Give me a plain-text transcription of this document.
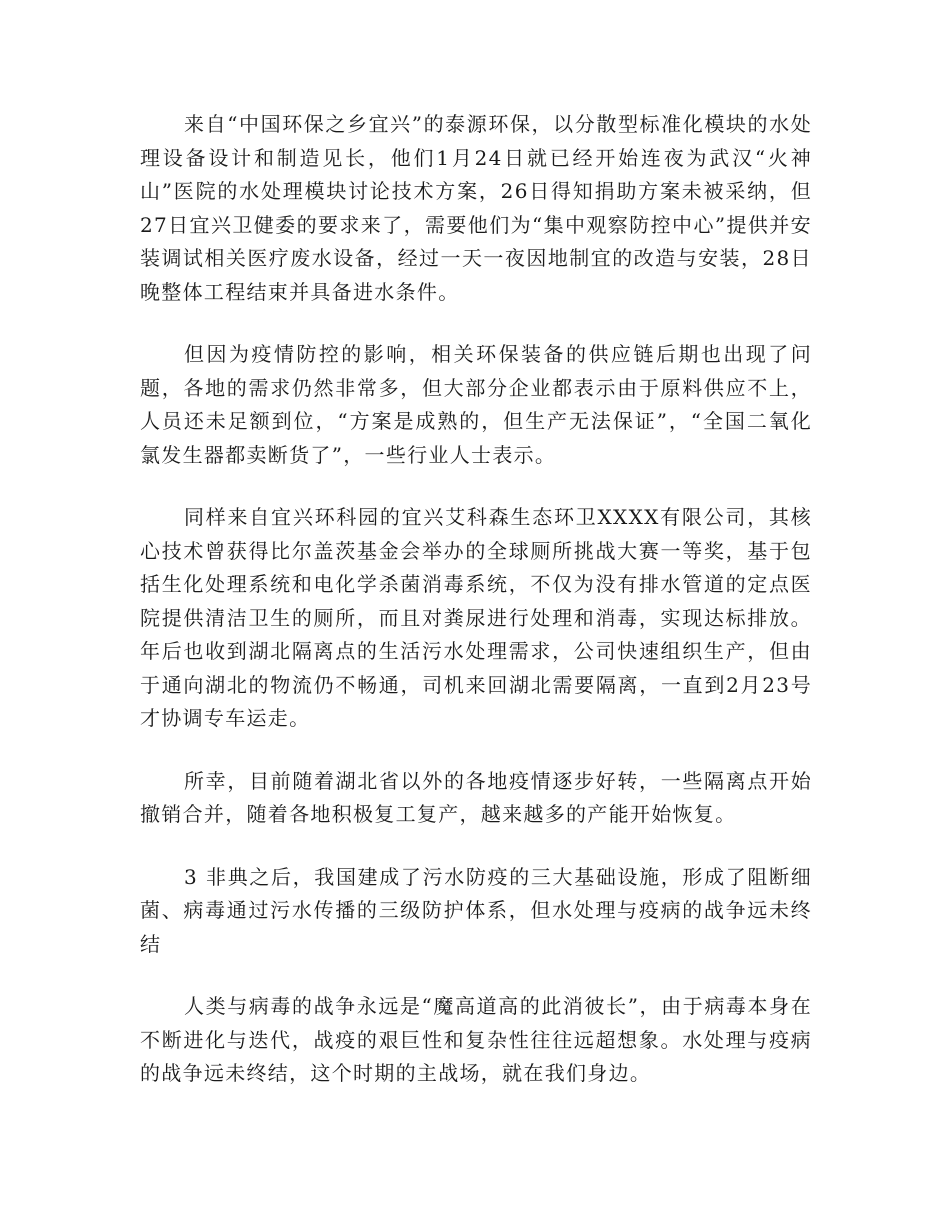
来自“中国环保之乡宜兴”的泰源环保，以分散型标准化模块的水处理设备设计和制造见长，他们1月24日就已经开始连夜为武汉“火神山”医院的水处理模块讨论技术方案，26日得知捐助方案未被采纳，但27日宜兴卫健委的要求来了，需要他们为“集中观察防控中心”提供并安装调试相关医疗废水设备，经过一天一夜因地制宜的改造与安装，28日晚整体工程结束并具备进水条件。

但因为疫情防控的影响，相关环保装备的供应链后期也出现了问题，各地的需求仍然非常多，但大部分企业都表示由于原料供应不上，人员还未足额到位，“方案是成熟的，但生产无法保证”，“全国二氧化氯发生器都卖断货了”，一些行业人士表示。

同样来自宜兴环科园的宜兴艾科森生态环卫XXXX有限公司，其核心技术曾获得比尔盖茨基金会举办的全球厕所挑战大赛一等奖，基于包括生化处理系统和电化学杀菌消毒系统，不仅为没有排水管道的定点医院提供清洁卫生的厕所，而且对粪尿进行处理和消毒，实现达标排放。年后也收到湖北隔离点的生活污水处理需求，公司快速组织生产，但由于通向湖北的物流仍不畅通，司机来回湖北需要隔离，一直到2月23号才协调专车运走。

所幸，目前随着湖北省以外的各地疫情逐步好转，一些隔离点开始撤销合并，随着各地积极复工复产，越来越多的产能开始恢复。

3 非典之后，我国建成了污水防疫的三大基础设施，形成了阻断细菌、病毒通过污水传播的三级防护体系，但水处理与疫病的战争远未终结

人类与病毒的战争永远是“魔高道高的此消彼长”，由于病毒本身在不断进化与迭代，战疫的艰巨性和复杂性往往远超想象。水处理与疫病的战争远未终结，这个时期的主战场，就在我们身边。
